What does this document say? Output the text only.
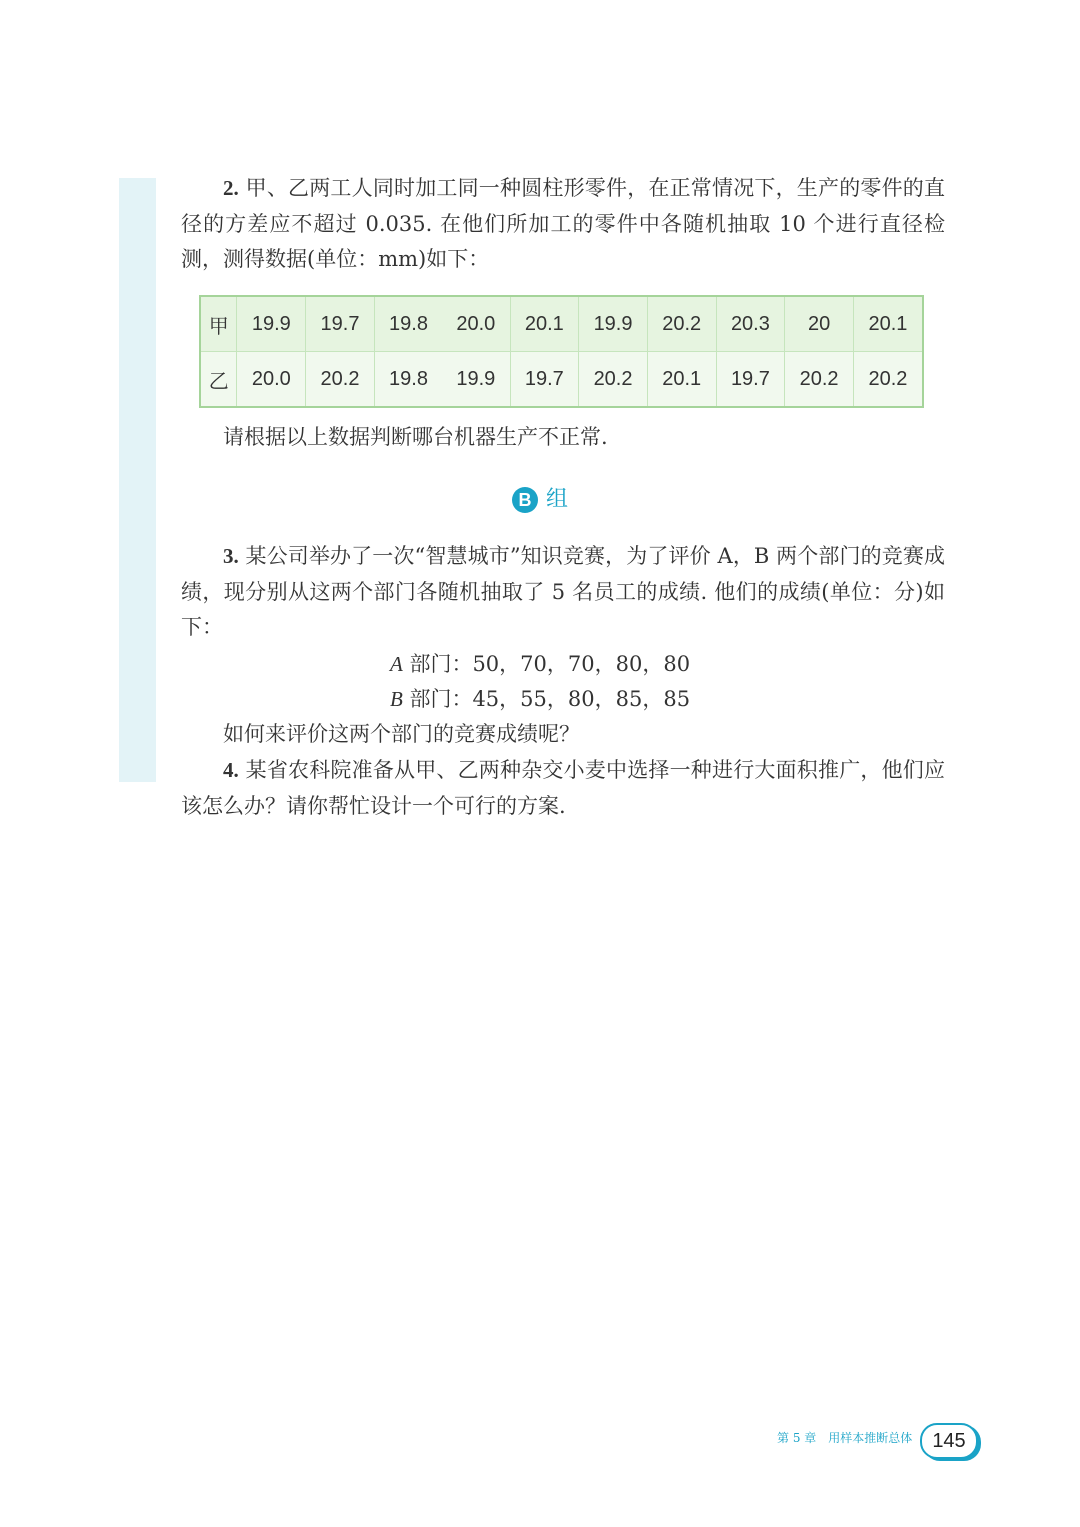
2. 甲、乙两工人同时加工同一种圆柱形零件，在正常情况下，生产的零件的直径的方差应不超过 0.035. 在他们所加工的零件中各随机抽取 10 个进行直径检测，测得数据(单位：mm)如下：

甲	19.9	19.7	19.8	20.0	20.1	19.9	20.2	20.3	20	20.1
乙	20.0	20.2	19.8	19.9	19.7	20.2	20.1	19.7	20.2	20.2
请根据以上数据判断哪台机器生产不正常.
B 组

3. 某公司举办了一次“智慧城市”知识竞赛，为了评价 A，B 两个部门的竞赛成绩，现分别从这两个部门各随机抽取了 5 名员工的成绩. 他们的成绩(单位：分)如下：

A 部门：50，70，70，80，80
B 部门：45，55，80，85，85
如何来评价这两个部门的竞赛成绩呢？

4. 某省农科院准备从甲、乙两种杂交小麦中选择一种进行大面积推广，他们应该怎么办？请你帮忙设计一个可行的方案.

第 5 章　用样本推断总体	145
